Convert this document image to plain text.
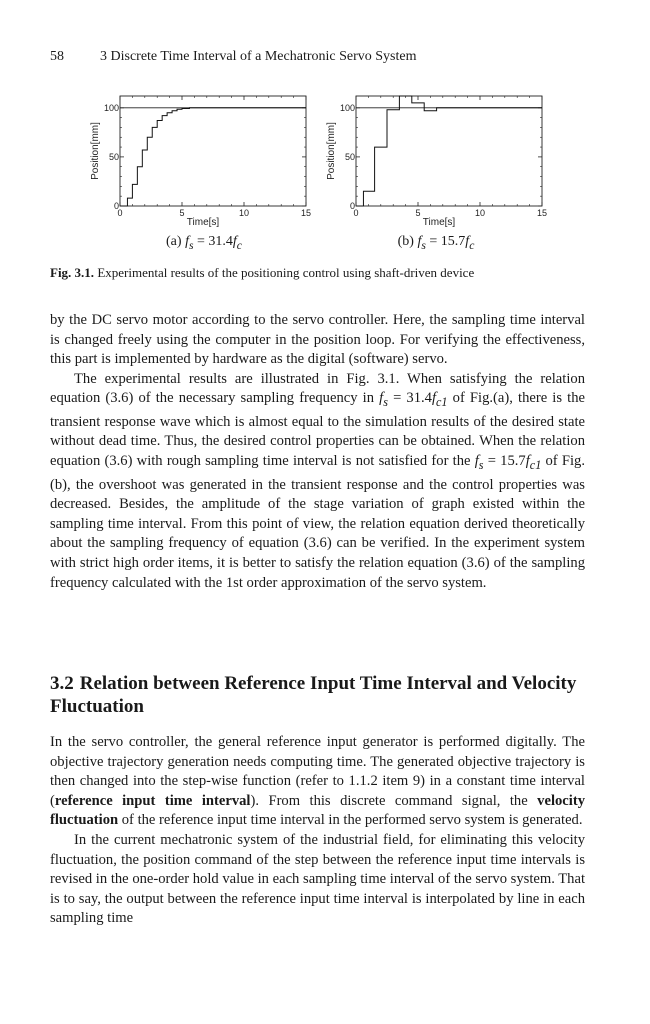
58	3 Discrete Time Interval of a Mechatronic Servo System
0
50
100
0	5	10	15
Time[s]
Position[mm]
0
50
100
0	5	10	15
Time[s]
Position[mm]
(a) $f_s = 31.4f_c$	(b) $f_s = 15.7f_c$
Fig. 3.1. Experimental results of the positioning control using shaft-driven device

by the DC servo motor according to the servo controller. Here, the sampling time interval is changed freely using the computer in the position loop. For verifying the effectiveness, this part is implemented by hardware as the digital (software) servo.

The experimental results are illustrated in Fig. 3.1. When satisfying the relation equation (3.6) of the necessary sampling frequency in $f_s = 31.4f_{c1}$ of Fig.(a), there is the transient response wave which is almost equal to the simulation results of the desired state without dead time. Thus, the desired control properties can be obtained. When the relation equation (3.6) with rough sampling time interval is not satisfied for the $f_s = 15.7f_{c1}$ of Fig.(b), the overshoot was generated in the transient response and the control properties was decreased. Besides, the amplitude of the stage variation of graph existed within the sampling time interval. From this point of view, the relation equation derived theoretically about the sampling frequency of equation (3.6) can be verified. In the experiment system with strict high order items, it is better to satisfy the relation equation (3.6) of the sampling frequency calculated with the 1st order approximation of the servo system.

3.2 Relation between Reference Input Time Interval and Velocity Fluctuation

In the servo controller, the general reference input generator is performed digitally. The objective trajectory generation needs computing time. The generated objective trajectory is then changed into the step-wise function (refer to 1.1.2 item 9) in a constant time interval (reference input time interval). From this discrete command signal, the velocity fluctuation of the reference input time interval in the performed servo system is generated.

In the current mechatronic system of the industrial field, for eliminating this velocity fluctuation, the position command of the step between the reference input time intervals is revised in the one-order hold value in each sampling time interval of the servo system. That is to say, the output between the reference input time interval is interpolated by line in each sampling time
